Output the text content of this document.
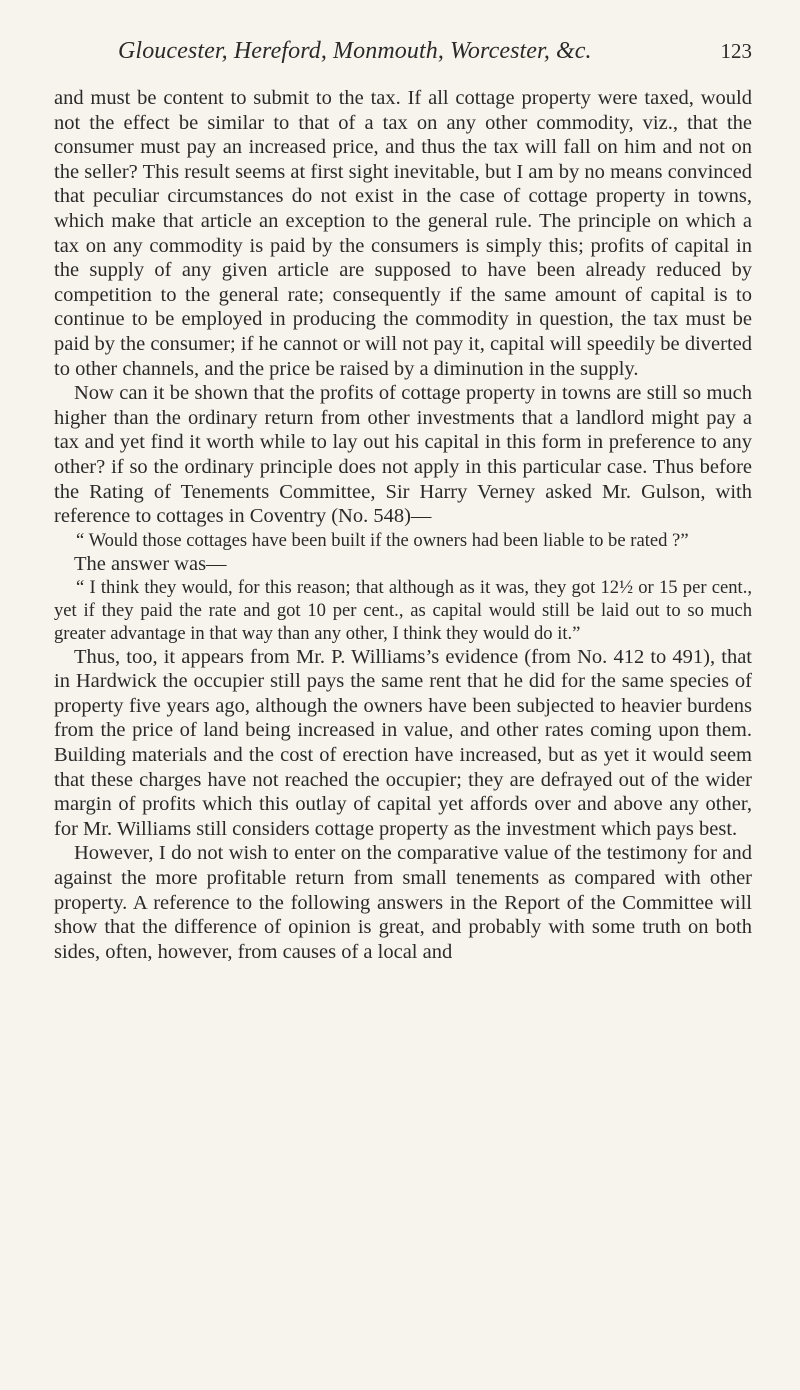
Gloucester, Hereford, Monmouth, Worcester, &c.	123

and must be content to submit to the tax. If all cottage property were taxed, would not the effect be similar to that of a tax on any other commodity, viz., that the consumer must pay an increased price, and thus the tax will fall on him and not on the seller? This result seems at first sight inevitable, but I am by no means convinced that peculiar circumstances do not exist in the case of cottage property in towns, which make that article an exception to the general rule. The principle on which a tax on any commodity is paid by the consumers is simply this; profits of capital in the supply of any given article are supposed to have been already reduced by competition to the general rate; consequently if the same amount of capital is to continue to be employed in producing the commodity in question, the tax must be paid by the consumer; if he cannot or will not pay it, capital will speedily be diverted to other channels, and the price be raised by a diminution in the supply.

Now can it be shown that the profits of cottage property in towns are still so much higher than the ordinary return from other investments that a landlord might pay a tax and yet find it worth while to lay out his capital in this form in preference to any other? if so the ordinary principle does not apply in this particular case. Thus before the Rating of Tenements Committee, Sir Harry Verney asked Mr. Gulson, with reference to cottages in Coventry (No. 548)—

“ Would those cottages have been built if the owners had been liable to be rated ?”

The answer was—

“ I think they would, for this reason; that although as it was, they got 12½ or 15 per cent., yet if they paid the rate and got 10 per cent., as capital would still be laid out to so much greater advantage in that way than any other, I think they would do it.”

Thus, too, it appears from Mr. P. Williams’s evidence (from No. 412 to 491), that in Hardwick the occupier still pays the same rent that he did for the same species of property five years ago, although the owners have been subjected to heavier burdens from the price of land being increased in value, and other rates coming upon them. Building materials and the cost of erection have increased, but as yet it would seem that these charges have not reached the occupier; they are defrayed out of the wider margin of profits which this outlay of capital yet affords over and above any other, for Mr. Williams still considers cottage property as the investment which pays best.

However, I do not wish to enter on the comparative value of the testimony for and against the more profitable return from small tenements as compared with other property. A reference to the following answers in the Report of the Committee will show that the difference of opinion is great, and probably with some truth on both sides, often, however, from causes of a local and
